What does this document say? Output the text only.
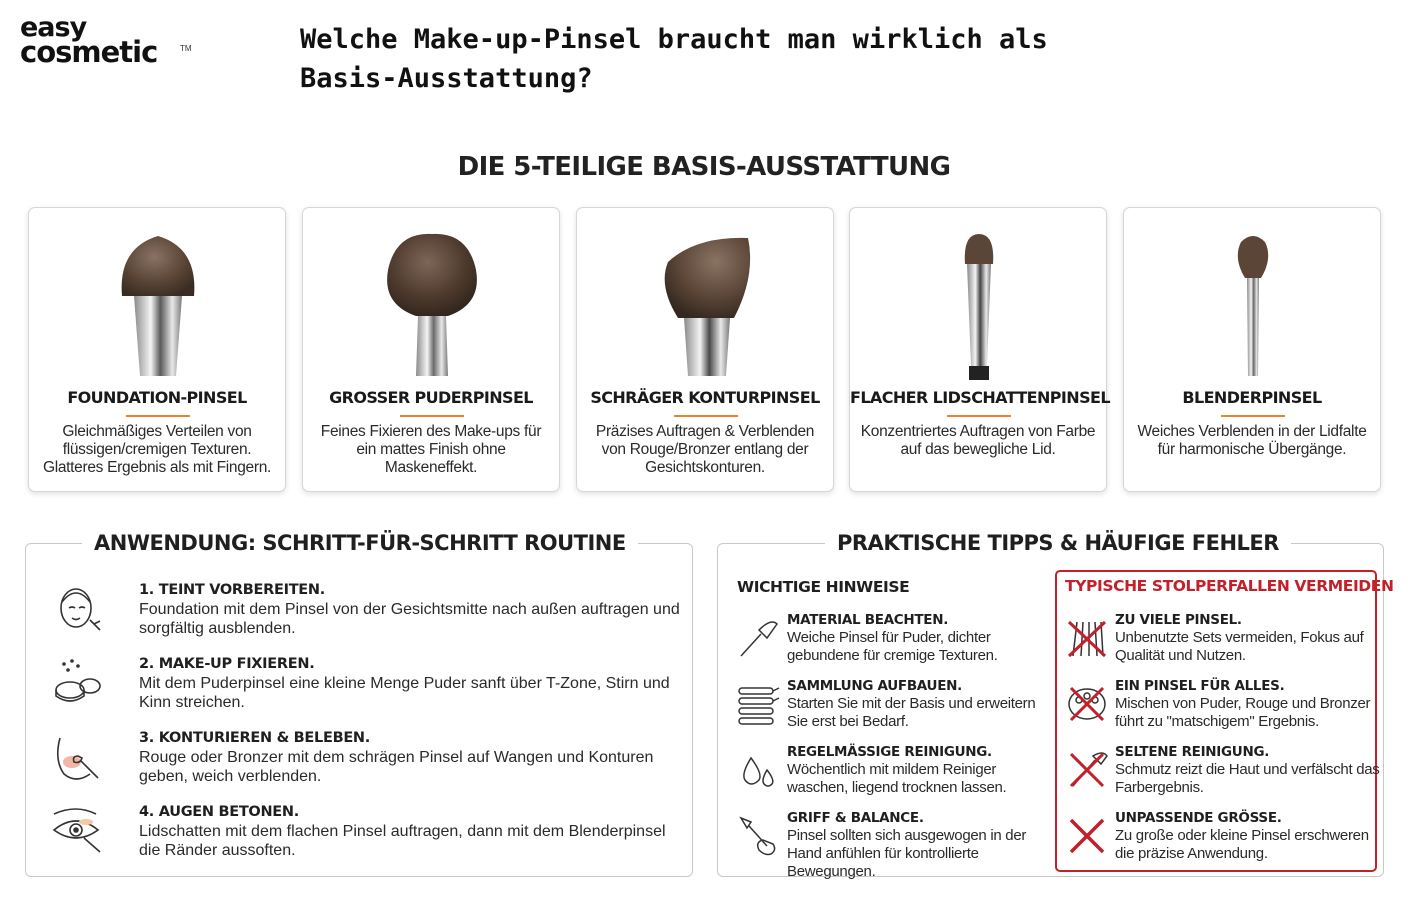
easy
cosmetic	TM	Welche Make-up-Pinsel braucht man wirklich als Basis-Ausstattung?
DIE 5-TEILIGE BASIS-AUSSTATTUNG
FOUNDATION-PINSEL
Gleichmäßiges Verteilen von flüssigen/cremigen Texturen. Glatteres Ergebnis als mit Fingern.
GROSSER PUDERPINSEL
Feines Fixieren des Make-ups für ein mattes Finish ohne Maskeneffekt.
SCHRÄGER KONTURPINSEL
Präzises Auftragen & Verblenden von Rouge/Bronzer entlang der Gesichtskonturen.
FLACHER LIDSCHATTENPINSEL
Konzentriertes Auftragen von Farbe auf das bewegliche Lid.
BLENDERPINSEL
Weiches Verblenden in der Lidfalte für harmonische Übergänge.
ANWENDUNG: SCHRITT-FÜR-SCHRITT ROUTINE
1. TEINT VORBEREITEN.
Foundation mit dem Pinsel von der Gesichtsmitte nach außen auftragen und sorgfältig ausblenden.
2. MAKE-UP FIXIEREN.
Mit dem Puderpinsel eine kleine Menge Puder sanft über T-Zone, Stirn und Kinn streichen.
3. KONTURIEREN & BELEBEN.
Rouge oder Bronzer mit dem schrägen Pinsel auf Wangen und Konturen geben, weich verblenden.
4. AUGEN BETONEN.
Lidschatten mit dem flachen Pinsel auftragen, dann mit dem Blenderpinsel die Ränder aussoften.
PRAKTISCHE TIPPS & HÄUFIGE FEHLER
WICHTIGE HINWEISE
MATERIAL BEACHTEN.
Weiche Pinsel für Puder, dichter gebundene für cremige Texturen.
SAMMLUNG AUFBAUEN.
Starten Sie mit der Basis und erweitern Sie erst bei Bedarf.
REGELMÄSSIGE REINIGUNG.
Wöchentlich mit mildem Reiniger waschen, liegend trocknen lassen.
GRIFF & BALANCE.
Pinsel sollten sich ausgewogen in der Hand anfühlen für kontrollierte Bewegungen.
TYPISCHE STOLPERFALLEN VERMEIDEN
ZU VIELE PINSEL.
Unbenutzte Sets vermeiden, Fokus auf Qualität und Nutzen.
EIN PINSEL FÜR ALLES.
Mischen von Puder, Rouge und Bronzer führt zu "matschigem" Ergebnis.
SELTENE REINIGUNG.
Schmutz reizt die Haut und verfälscht das Farbergebnis.
UNPASSENDE GRÖSSE.
Zu große oder kleine Pinsel erschweren die präzise Anwendung.
